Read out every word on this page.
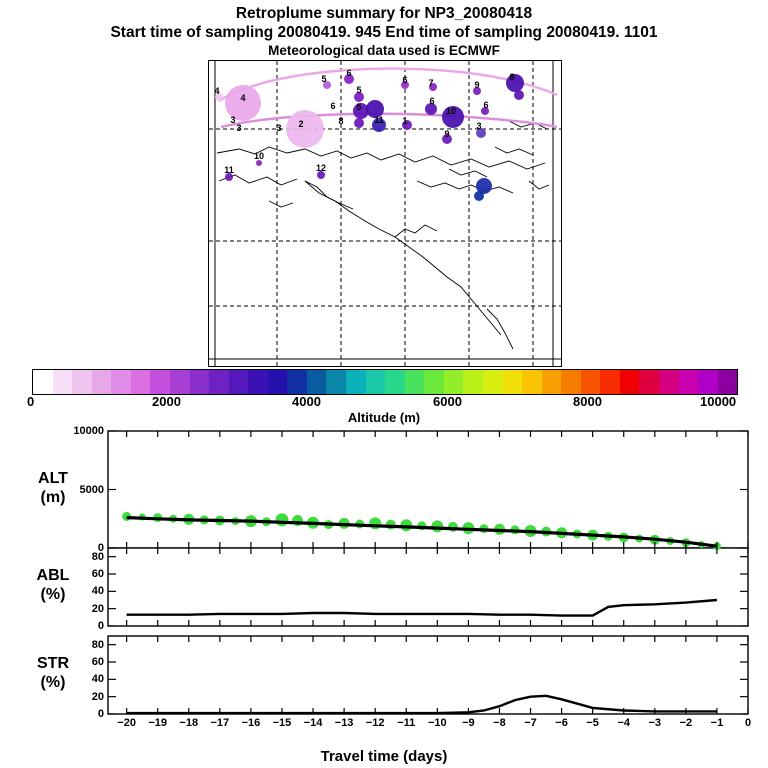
Retroplume summary for NP3_20080418
Start time of sampling 20080419. 945 End time of sampling 20080419. 1101
Meteorological data used is ECMWF
5
6
6 7	9
8
4
4
5
6 5
6
10
6
3
3	3 2	8	11 1	3
9
10
11	12
0	2000	4000	6000	8000	10000
Altitude (m)
ALT
(m)
ABL
(%)
STR
(%)
10000
5000
0
80
80
60
60
40
40
20
20
0
0
−20	−19	−18	−17	−16	−15	−14	−13	−12	−11	−10	−9	−8	−7	−6	−5	−4	−3	−2	−1	0
Travel time (days)
